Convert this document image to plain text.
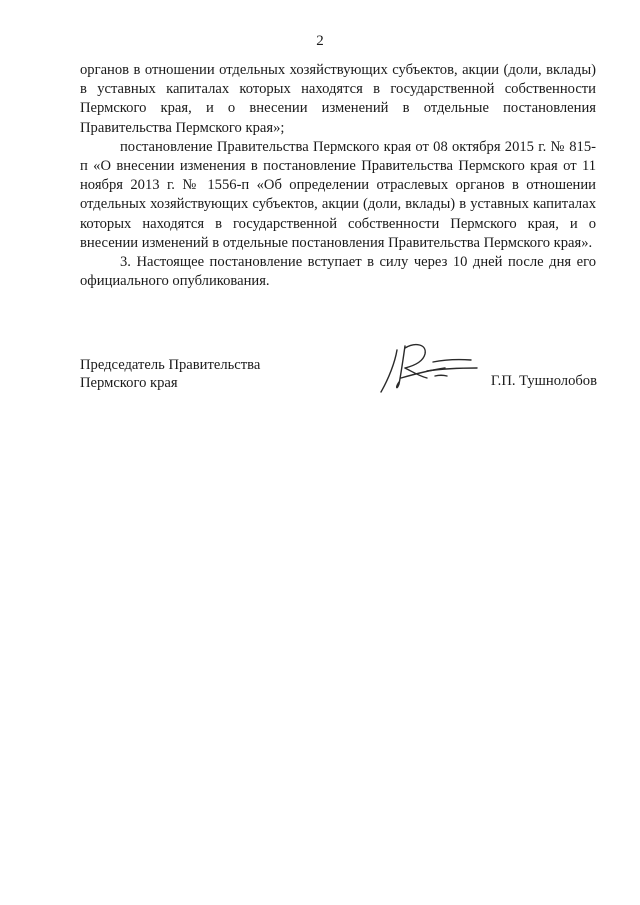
2

органов в отношении отдельных хозяйствующих субъектов, акции (доли, вклады) в уставных капиталах которых находятся в государственной собственности Пермского края, и о внесении изменений в отдельные постановления Правительства Пермского края»;

постановление Правительства Пермского края от 08 октября 2015 г. № 815-п «О внесении изменения в постановление Правительства Пермского края от 11 ноября 2013 г. № 1556-п «Об определении отраслевых органов в отношении отдельных хозяйствующих субъектов, акции (доли, вклады) в уставных капиталах которых находятся в государственной собственности Пермского края, и о внесении изменений в отдельные постановления Правительства Пермского края».

3. Настоящее постановление вступает в силу через 10 дней после дня его официального опубликования.

Председатель Правительства
Пермского края	Г.П. Тушнолобов
